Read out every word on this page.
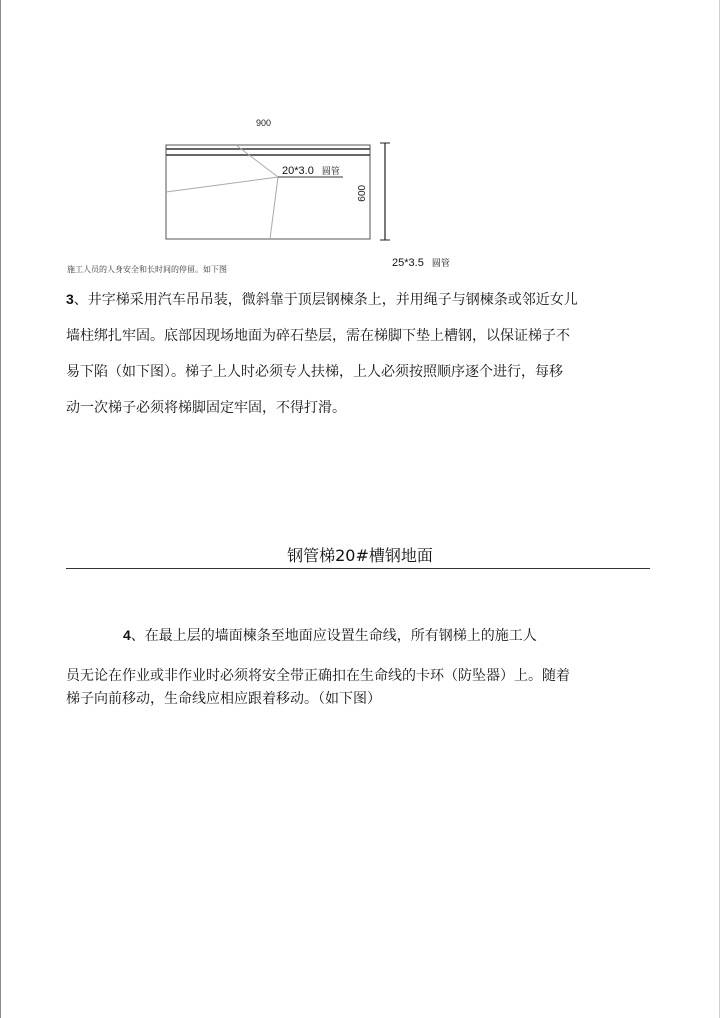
900
009
20*3.0 圆管
25*3.5 圆管
施工人员的人身安全和长时间的停留。如下图
3、井字梯采用汽车吊吊装，微斜靠于顶层钢楝条上，并用绳子与钢楝条或邻近女儿
墙柱绑扎牢固。底部因现场地面为碎石垫层，需在梯脚下垫上槽钢，以保证梯子不
易下陷（如下图）。梯子上人时必须专人扶梯，上人必须按照顺序逐个进行，每移
动一次梯子必须将梯脚固定牢固，不得打滑。
钢管梯20#槽钢地面
4、在最上层的墙面楝条至地面应设置生命线，所有钢梯上的施工人
员无论在作业或非作业时必须将安全带正确扣在生命线的卡环（防坠器）上。随着
梯子向前移动，生命线应相应跟着移动。（如下图）
